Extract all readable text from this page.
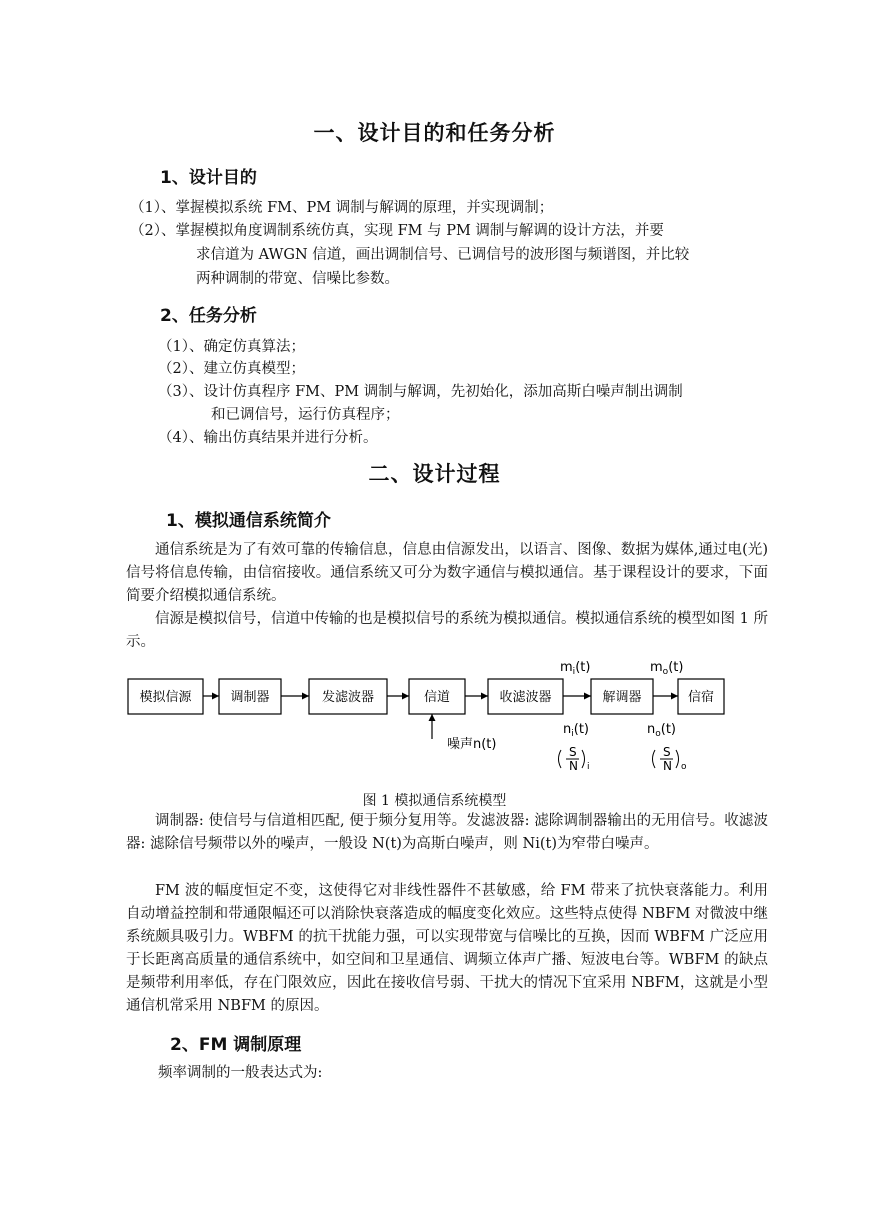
一、设计目的和任务分析
1、设计目的
（1）、掌握模拟系统 FM、PM 调制与解调的原理，并实现调制；
（2）、掌握模拟角度调制系统仿真，实现 FM 与 PM 调制与解调的设计方法，并要
求信道为 AWGN 信道，画出调制信号、已调信号的波形图与频谱图，并比较
两种调制的带宽、信噪比参数。
2、任务分析
（1）、确定仿真算法；
（2）、建立仿真模型；
（3）、设计仿真程序 FM、PM 调制与解调，先初始化，添加高斯白噪声制出调制
和已调信号，运行仿真程序；
（4）、输出仿真结果并进行分析。
二、设计过程
1、模拟通信系统简介
通信系统是为了有效可靠的传输信息，信息由信源发出，以语言、图像、数据为媒体,通过电(光)信号将信息传输，由信宿接收。通信系统又可分为数字通信与模拟通信。基于课程设计的要求，下面简要介绍模拟通信系统。
信源是模拟信号，信道中传输的也是模拟信号的系统为模拟通信。模拟通信系统的模型如图 1 所示。
模拟信源	调制器	发滤波器	信道	收滤波器	解调器	信宿
噪声n(t)
$m_i(t)$	$m_o(t)$
$n_i(t)$	$n_o(t)$
S
N i
S
N o
图 1 模拟通信系统模型
调制器: 使信号与信道相匹配, 便于频分复用等。发滤波器: 滤除调制器输出的无用信号。收滤波器: 滤除信号频带以外的噪声，一般设 N(t)为高斯白噪声，则 Ni(t)为窄带白噪声。
FM 波的幅度恒定不变，这使得它对非线性器件不甚敏感，给 FM 带来了抗快衰落能力。利用自动增益控制和带通限幅还可以消除快衰落造成的幅度变化效应。这些特点使得 NBFM 对微波中继系统颇具吸引力。WBFM 的抗干扰能力强，可以实现带宽与信噪比的互换，因而 WBFM 广泛应用于长距离高质量的通信系统中，如空间和卫星通信、调频立体声广播、短波电台等。WBFM 的缺点是频带利用率低，存在门限效应，因此在接收信号弱、干扰大的情况下宜采用 NBFM，这就是小型通信机常采用 NBFM 的原因。
2、FM 调制原理
频率调制的一般表达式为:
